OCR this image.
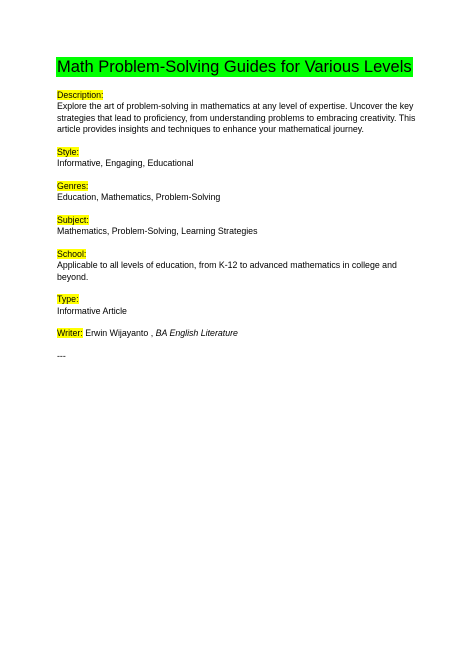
Math Problem-Solving Guides for Various Levels
Description:
Explore the art of problem-solving in mathematics at any level of expertise. Uncover the key strategies that lead to proficiency, from understanding problems to embracing creativity. This article provides insights and techniques to enhance your mathematical journey.
Style:
Informative, Engaging, Educational
Genres:
Education, Mathematics, Problem-Solving
Subject:
Mathematics, Problem-Solving, Learning Strategies
School:
Applicable to all levels of education, from K-12 to advanced mathematics in college and beyond.
Type:
Informative Article
Writer: Erwin Wijayanto , BA English Literature
---
